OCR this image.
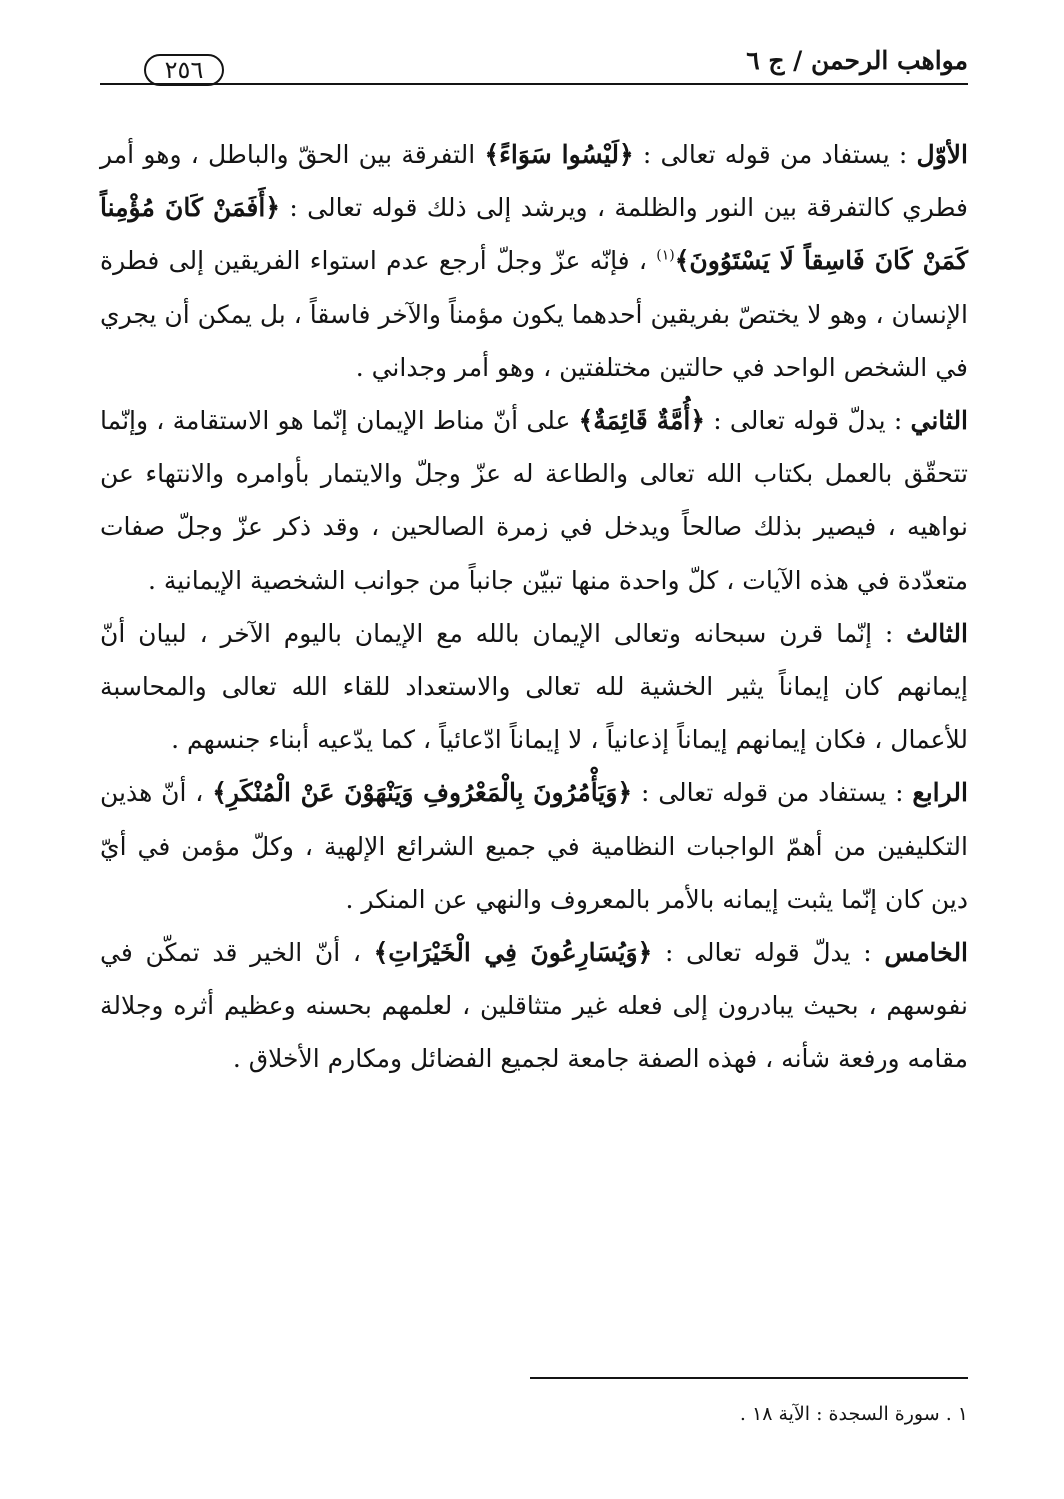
مواهب الرحمن / ج ٦
٢٥٦

الأوّل : يستفاد من قوله تعالى : ﴿لَيْسُوا سَوَاءً﴾ التفرقة بين الحقّ والباطل ، وهو أمر فطري كالتفرقة بين النور والظلمة ، ويرشد إلى ذلك قوله تعالى : ﴿أَفَمَنْ كَانَ مُؤْمِناً كَمَنْ كَانَ فَاسِقاً لَا يَسْتَوُونَ﴾$^{(١)}$ ، فإنّه عزّ وجلّ أرجع عدم استواء الفريقين إلى فطرة الإنسان ، وهو لا يختصّ بفريقين أحدهما يكون مؤمناً والآخر فاسقاً ، بل يمكن أن يجري في الشخص الواحد في حالتين مختلفتين ، وهو أمر وجداني .

الثاني : يدلّ قوله تعالى : ﴿أُمَّةٌ قَائِمَةٌ﴾ على أنّ مناط الإيمان إنّما هو الاستقامة ، وإنّما تتحقّق بالعمل بكتاب الله تعالى والطاعة له عزّ وجلّ والايتمار بأوامره والانتهاء عن نواهيه ، فيصير بذلك صالحاً ويدخل في زمرة الصالحين ، وقد ذكر عزّ وجلّ صفات متعدّدة في هذه الآيات ، كلّ واحدة منها تبيّن جانباً من جوانب الشخصية الإيمانية .

الثالث : إنّما قرن سبحانه وتعالى الإيمان بالله مع الإيمان باليوم الآخر ، لبيان أنّ إيمانهم كان إيماناً يثير الخشية لله تعالى والاستعداد للقاء الله تعالى والمحاسبة للأعمال ، فكان إيمانهم إيماناً إذعانياً ، لا إيماناً ادّعائياً ، كما يدّعيه أبناء جنسهم .

الرابع : يستفاد من قوله تعالى : ﴿وَيَأْمُرُونَ بِالْمَعْرُوفِ وَيَنْهَوْنَ عَنْ الْمُنْكَرِ﴾ ، أنّ هذين التكليفين من أهمّ الواجبات النظامية في جميع الشرائع الإلهية ، وكلّ مؤمن في أيّ دين كان إنّما يثبت إيمانه بالأمر بالمعروف والنهي عن المنكر .

الخامس : يدلّ قوله تعالى : ﴿وَيُسَارِعُونَ فِي الْخَيْرَاتِ﴾ ، أنّ الخير قد تمكّن في نفوسهم ، بحيث يبادرون إلى فعله غير متثاقلين ، لعلمهم بحسنه وعظيم أثره وجلالة مقامه ورفعة شأنه ، فهذه الصفة جامعة لجميع الفضائل ومكارم الأخلاق .

١ . سورة السجدة : الآية ١٨ .
